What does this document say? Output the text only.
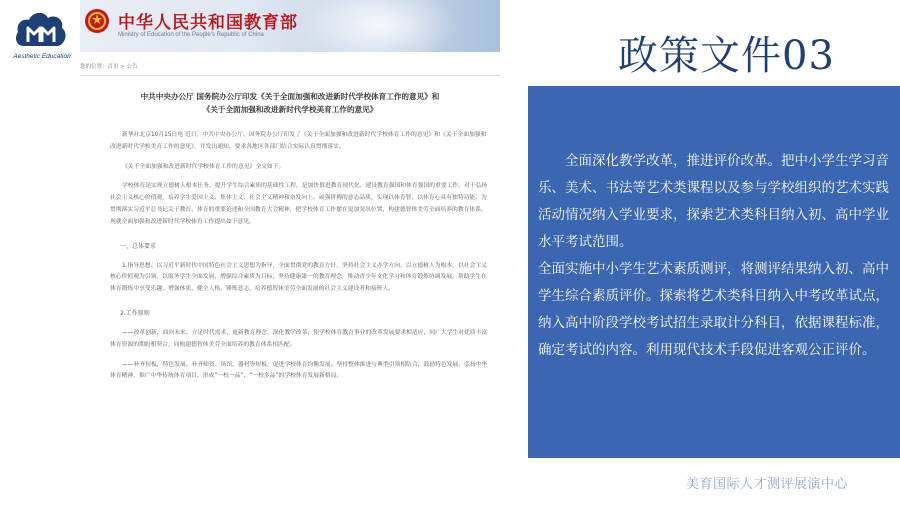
Aesthetic Education
中华人民共和国教育部
Ministry of Education of the People's Republic of China
您的位置：首页 > 公告
中共中央办公厅 国务院办公厅印发《关于全面加强和改进新时代学校体育工作的意见》和
《关于全面加强和改进新时代学校美育工作的意见》

新华社北京10月15日电 近日，中共中央办公厅、国务院办公厅印发了《关于全面加强和改进新时代学校体育工作的意见》和《关于全面加强和改进新时代学校美育工作的意见》，并发出通知，要求各地区各部门结合实际认真贯彻落实。

《关于全面加强和改进新时代学校体育工作的意见》全文如下。

学校体育是实现立德树人根本任务、提升学生综合素质的基础性工程，是加快推进教育现代化、建设教育强国和体育强国的重要工作，对于弘扬社会主义核心价值观，培养学生爱国主义、集体主义、社会主义精神和奋发向上、顽强拼搏的意志品质，实现以体育智、以体育心具有独特功能。为贯彻落实习近平总书记关于教育、体育的重要论述和全国教育大会精神，把学校体育工作摆在更加突出位置，构建德智体美劳全面培养的教育体系，现就全面加强和改进新时代学校体育工作提出如下意见。

一、总体要求

1.指导思想。以习近平新时代中国特色社会主义思想为指导，全面贯彻党的教育方针，坚持社会主义办学方向，以立德树人为根本，以社会主义核心价值观为引领，以服务学生全面发展、增强综合素质为目标，坚持健康第一的教育理念，推动青少年文化学习和体育锻炼协调发展，帮助学生在体育锻炼中享受乐趣、增强体质、健全人格、锤炼意志，培养德智体美劳全面发展的社会主义建设者和接班人。

2.工作原则

——改革创新，面向未来。立足时代需求，更新教育理念，深化教学改革，使学校体育教育事业的改革发展要求相适应，同广大学生对优质丰富体育资源的期盼相契合，同构建德智体美劳全面培养的教育体系相匹配。

——补齐短板，特色发展。补齐师资、场馆、器材等短板，促进学校体育均衡发展。坚持整体推进与典型引领相结合，鼓励特色发展。弘扬中华体育精神，推广中华传统体育项目，形成“一校一品”、“一校多品”的学校体育发展新格局。

政策文件03

全面深化教学改革，推进评价改革。把中小学生学习音乐、美术、书法等艺术类课程以及参与学校组织的艺术实践活动情况纳入学业要求，探索艺术类科目纳入初、高中学业水平考试范围。

全面实施中小学生艺术素质测评，将测评结果纳入初、高中学生综合素质评价。探索将艺术类科目纳入中考改革试点，纳入高中阶段学校考试招生录取计分科目，依据课程标准，确定考试的内容。利用现代技术手段促进客观公正评价。

美育国际人才测评展演中心
